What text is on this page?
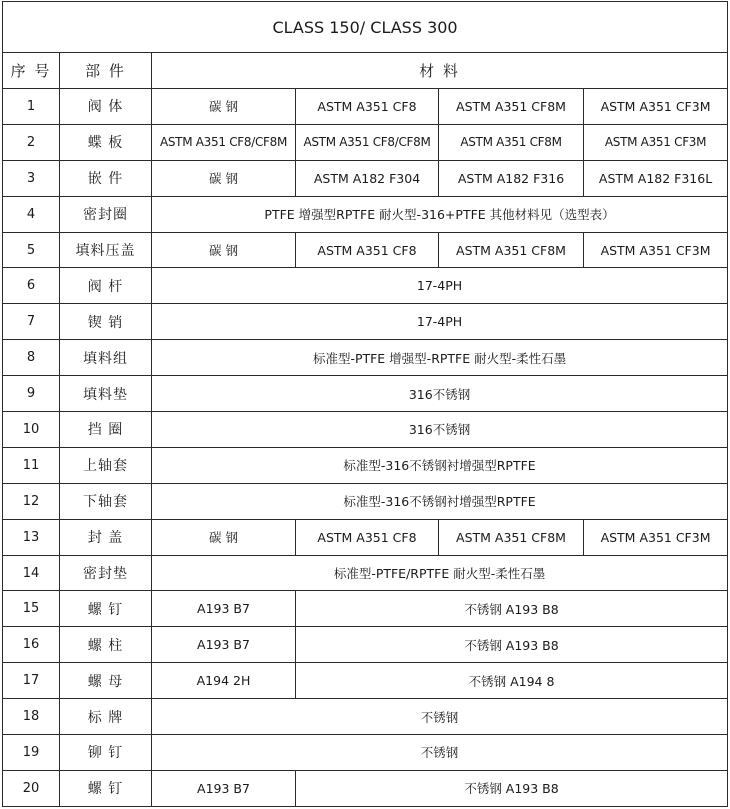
CLASS 150/ CLASS 300					
序 号	部 件	材 料			
1	阀 体	碳 钢	ASTM A351 CF8	ASTM A351 CF8M	ASTM A351 CF3M
2	蝶 板	ASTM A351 CF8/CF8M	ASTM A351 CF8/CF8M	ASTM A351 CF8M	ASTM A351 CF3M
3	嵌 件	碳 钢	ASTM A182 F304	ASTM A182 F316	ASTM A182 F316L
4	密封圈	PTFE 增强型RPTFE 耐火型-316+PTFE 其他材料见（选型表）			
5	填料压盖	碳 钢	ASTM A351 CF8	ASTM A351 CF8M	ASTM A351 CF3M
6	阀 杆	17-4PH			
7	锲 销	17-4PH			
8	填料组	标准型-PTFE 增强型-RPTFE 耐火型-柔性石墨			
9	填料垫	316不锈钢			
10	挡 圈	316不锈钢			
11	上轴套	标准型-316不锈钢衬增强型RPTFE			
12	下轴套	标准型-316不锈钢衬增强型RPTFE			
13	封 盖	碳 钢	ASTM A351 CF8	ASTM A351 CF8M	ASTM A351 CF3M
14	密封垫	标准型-PTFE/RPTFE 耐火型-柔性石墨			
15	螺 钉	A193 B7	不锈钢 A193 B8		
16	螺 柱	A193 B7	不锈钢 A193 B8		
17	螺 母	A194 2H	不锈钢 A194 8		
18	标 牌	不锈钢			
19	铆 钉	不锈钢			
20	螺 钉	A193 B7	不锈钢 A193 B8		
